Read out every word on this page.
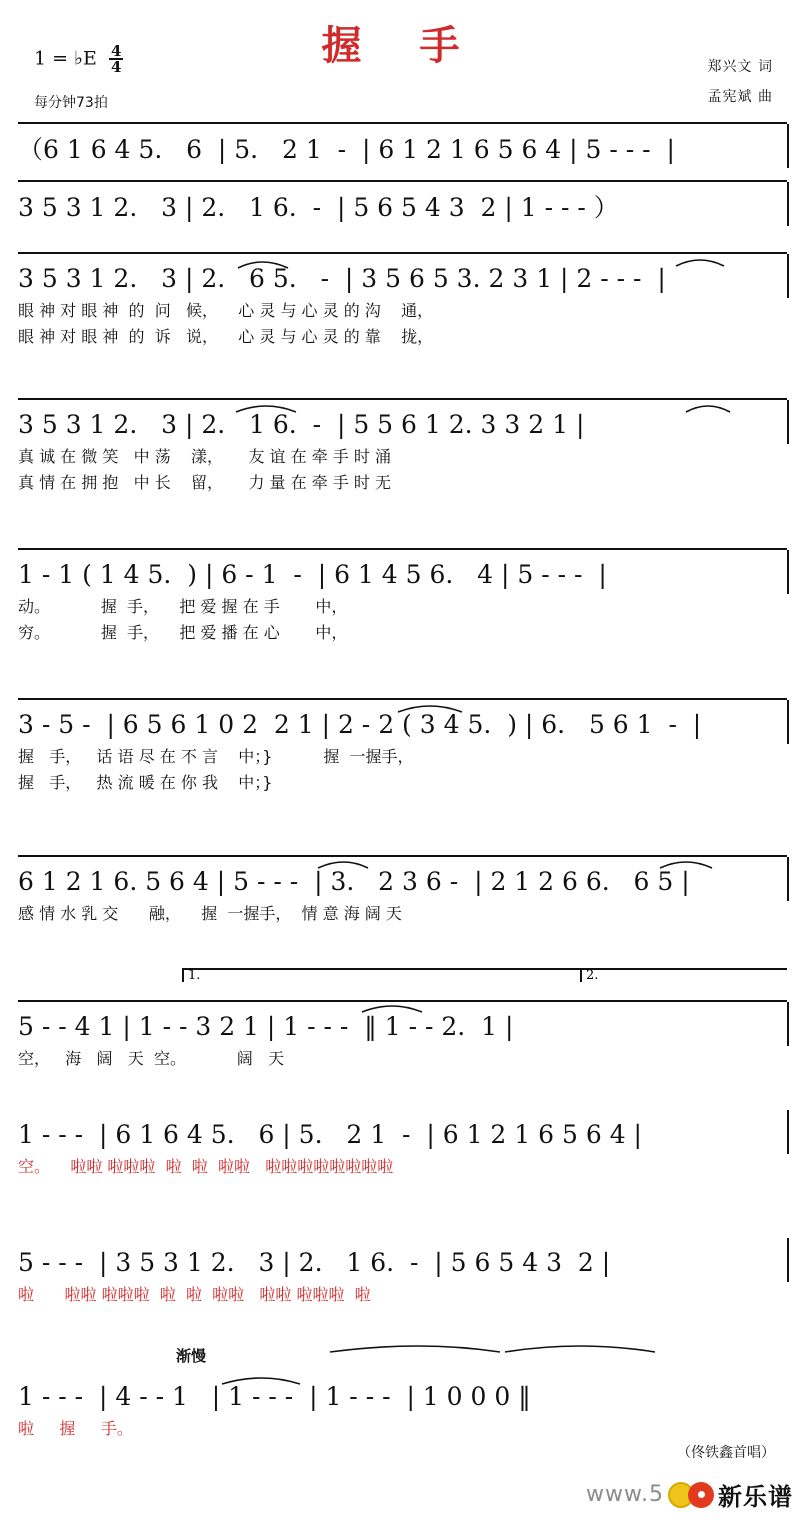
握 手
1 = ♭E $\frac{4}{4}$
每分钟73拍
郑兴文 词
孟宪斌 曲
（6 1 6 4 5.   6  | 5.   2 1  -  | 6 1 2 1 6 5 6 4 | 5 - - -  |
3 5 3 1 2.   3 | 2.   1 6.  -  | 5 6 5 4 3  2 | 1 - - - ）
3 5 3 1 2.   3 | 2.   6 5.   -  | 3 5 6 5 3. 2 3 1 | 2 - - -  |
眼 神 对 眼 神  的  问   候，    心 灵 与 心 灵 的 沟    通，
眼 神 对 眼 神  的  诉   说，    心 灵 与 心 灵 的 靠    拢，
3 5 3 1 2.   3 | 2.   1 6.  -  | 5 5 6 1 2. 3 3 2 1 |
真 诚 在 微 笑   中 荡    漾，     友 谊 在 牵 手 时 涌
真 情 在 拥 抱   中 长    留，     力 量 在 牵 手 时 无
1 - 1 ( 1 4 5.  ) | 6 - 1  -  | 6 1 4 5 6.   4 | 5 - - -  |
动。          握  手，    把 爱 握 在 手       中，
穷。          握  手，    把 爱 播 在 心       中，
3 - 5 -  | 6 5 6 1 0 2  2 1 | 2 - 2 ( 3 4 5.  ) | 6.   5 6 1  -  |
握   手，   话 语 尽 在 不 言    中；}          握  一握手，
握   手，   热 流 暖 在 你 我    中；}
6 1 2 1 6. 5 6 4 | 5 - - -  | 3.   2 3 6 -  | 2 1 2 6 6.   6 5 |
感 情 水 乳 交      融，    握  一握手，  情 意 海 阔 天
1.	2.
5 - - 4 1 | 1 - - 3 2 1 | 1 - - -  ‖ 1 - - 2.  1 |
空，   海   阔   天  空。          阔   天
1 - - -  | 6 1 6 4 5.   6 | 5.   2 1  -  | 6 1 2 1 6 5 6 4 |
空。    啦啦 啦啦啦  啦  啦  啦啦   啦啦啦啦啦啦啦啦
5 - - -  | 3 5 3 1 2.   3 | 2.   1 6.  -  | 5 6 5 4 3  2 |
啦      啦啦 啦啦啦  啦  啦  啦啦   啦啦 啦啦啦  啦
渐慢
1 - - -  | 4 - - 1   | 1 - - -  | 1 - - -  | 1 0 0 0 ‖
啦     握     手。
（佟铁鑫首唱）
www.5 新乐谱
